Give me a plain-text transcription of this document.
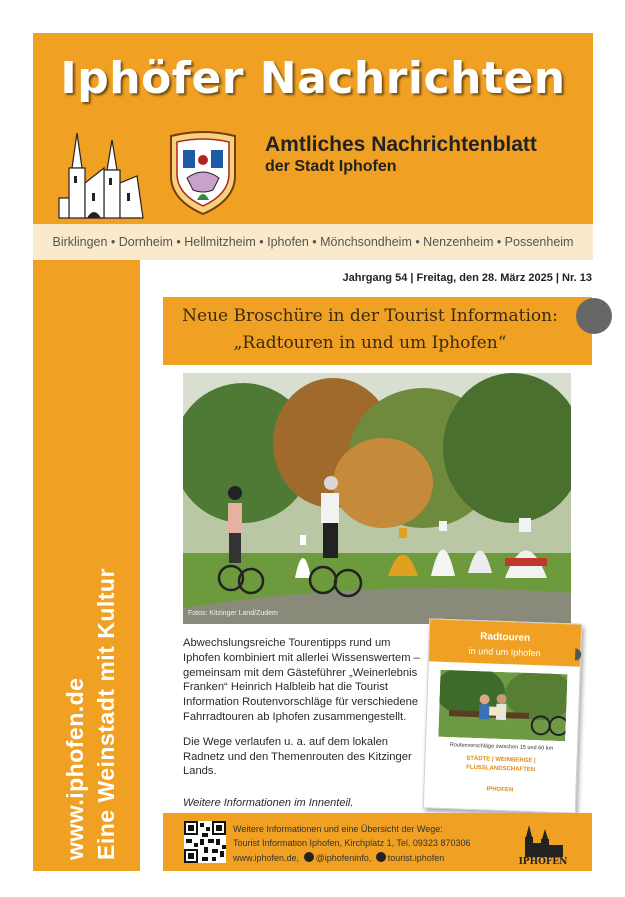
Iphöfer Nachrichten
Amtliches Nachrichtenblatt
der Stadt Iphofen
Birklingen • Dornheim • Hellmitzheim • Iphofen • Mönchsondheim • Nenzenheim • Possenheim
www.iphofen.de Eine Weinstadt mit Kultur
Jahrgang 54 | Freitag, den 28. März 2025 | Nr. 13
Neue Broschüre in der Tourist Information:
„Radtouren in und um Iphofen“
Fotos: Kitzinger Land/Zudem

Abwechslungsreiche Tourentipps rund um Iphofen kombiniert mit allerlei Wissenswertem – gemeinsam mit dem Gästeführer „Weinerlebnis Franken“ Heinrich Halbleib hat die Tourist Information Routenvorschläge für verschiedene Fahrradtouren ab Iphofen zusammengestellt.

Die Wege verlaufen u. a. auf dem lokalen Radnetz und den Themenrouten des Kitzinger Lands.

Weitere Informationen im Innenteil.
Radtouren
in und um Iphofen
Routenvorschläge zwischen 15 und 60 km
STÄDTE | WEINBERGE |
FLUSSLANDSCHAFTEN
IPHOFEN
Weitere Informationen und eine Übersicht der Wege:
Tourist Information Iphofen, Kirchplatz 1, Tel. 09323 870306
www.iphofen.de, @iphofeninfo, tourist.iphofen	IPHOFEN
